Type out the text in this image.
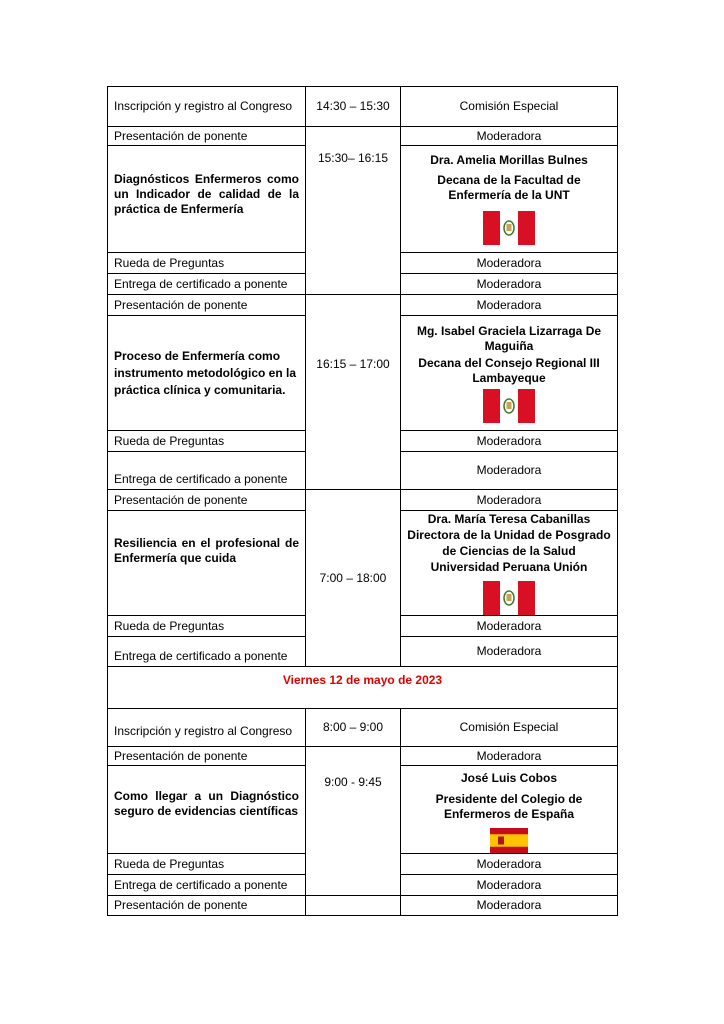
Inscripción y registro al Congreso	14:30 – 15:30	Comisión Especial
Presentación de ponente	15:30– 16:15	Moderadora
Diagnósticos Enfermeros como un Indicador de calidad de la práctica de Enfermería		Dra. Amelia Morillas Bulnes
Decana de la Facultad de
Enfermería de la UNT

Rueda de Preguntas		Moderadora
Entrega de certificado a ponente		Moderadora
Presentación de ponente	16:15 – 17:00	Moderadora
Proceso de Enfermería como instrumento metodológico en la práctica clínica y comunitaria.		Mg. Isabel Graciela Lizarraga De Maguiña
Decana del Consejo Regional III
Lambayeque

Rueda de Preguntas		Moderadora
Entrega de certificado a ponente		Moderadora
Presentación de ponente	7:00 – 18:00	Moderadora
Resiliencia en el profesional de Enfermería que cuida		Dra. María Teresa Cabanillas
Directora de la Unidad de Posgrado
de Ciencias de la Salud
Universidad Peruana Unión

Rueda de Preguntas		Moderadora
Entrega de certificado a ponente		Moderadora
Viernes 12 de mayo de 2023		
Inscripción y registro al Congreso	8:00 – 9:00	Comisión Especial
Presentación de ponente	9:00 - 9:45	Moderadora
Como llegar a un Diagnóstico seguro de evidencias científicas		José Luis Cobos
Presidente del Colegio de
Enfermeros de España

Rueda de Preguntas		Moderadora
Entrega de certificado a ponente		Moderadora
Presentación de ponente		Moderadora
